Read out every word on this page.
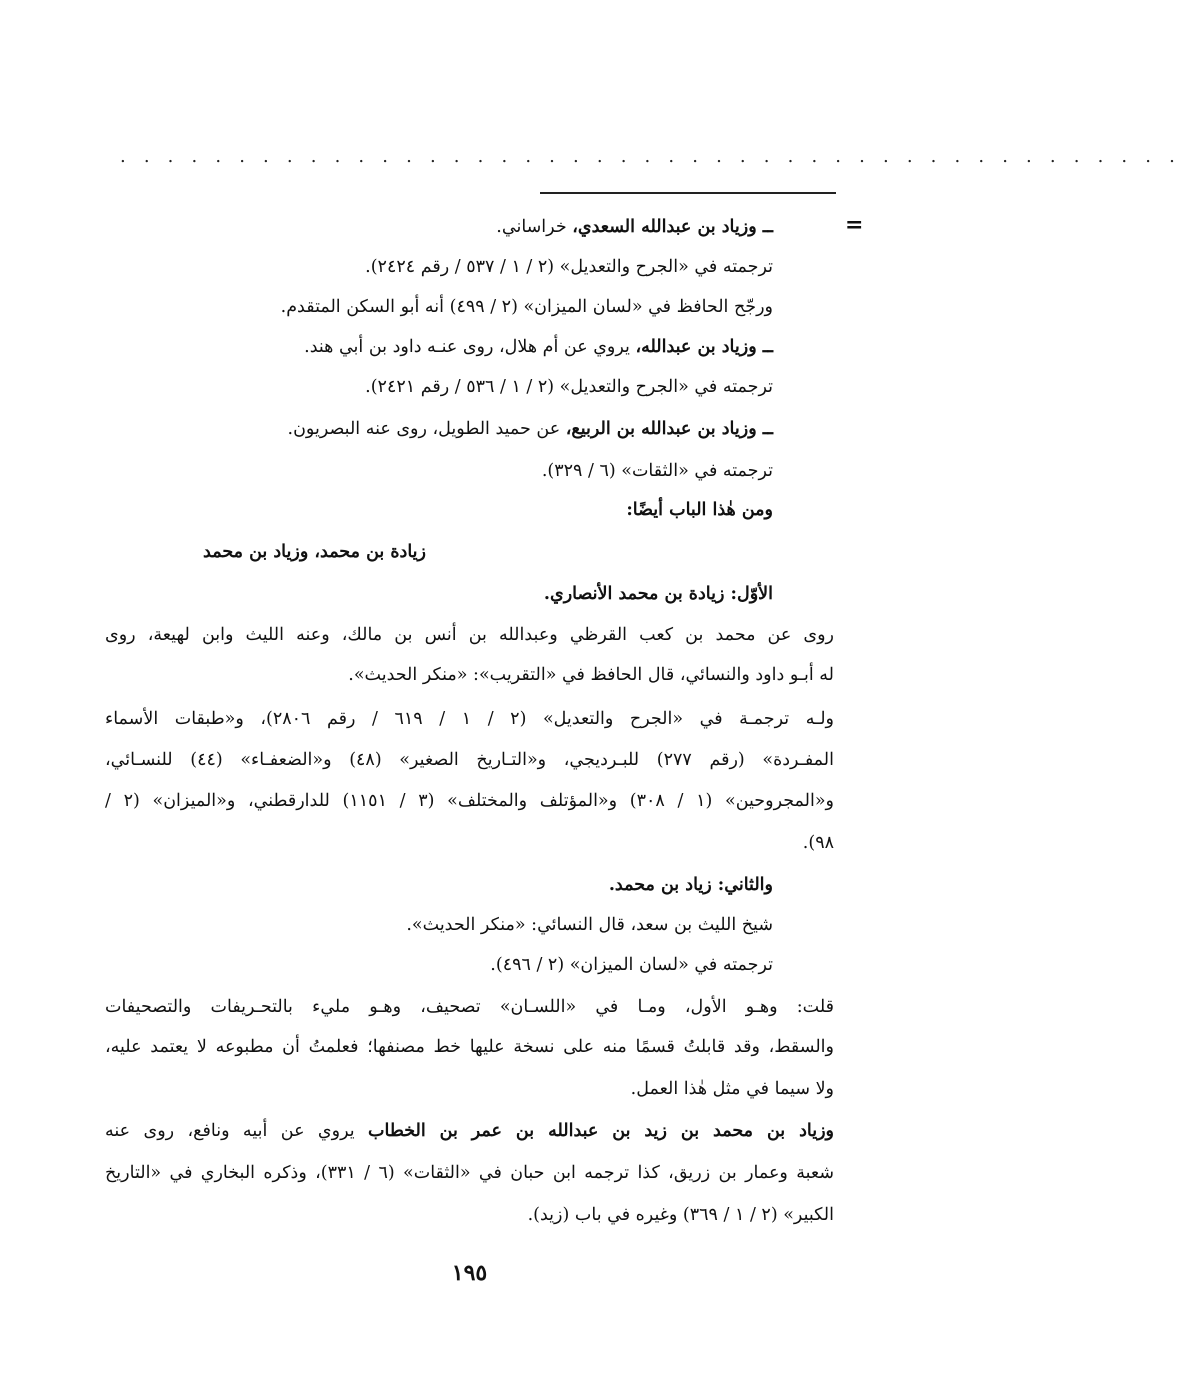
. . . . . . . . . . . . . . . . . . . . . . . . . . . . . . . . . . . . . . . . . . . . .
=
ــ وزياد بن عبدالله السعدي، خراساني.
ترجمته في «الجرح والتعديل» (٢ / ١ / ٥٣٧ / رقم ٢٤٢٤).
ورجّح الحافظ في «لسان الميزان» (٢ / ٤٩٩) أنه أبو السكن المتقدم.
ــ وزياد بن عبدالله، يروي عن أم هلال، روى عنـه داود بن أبي هند.
ترجمته في «الجرح والتعديل» (٢ / ١ / ٥٣٦ / رقم ٢٤٢١).
ــ وزياد بن عبدالله بن الربيع، عن حميد الطويل، روى عنه البصريون.
ترجمته في «الثقات» (٦ / ٣٢٩).
ومن هٰذا الباب أيضًا:
زيادة بن محمد، وزياد بن محمد
الأوّل: زيادة بن محمد الأنصاري.
روى عن محمد بن كعب القرظي وعبدالله بن أنس بن مالك، وعنه الليث وابن لهيعة، روى
له أبـو داود والنسائي، قال الحافظ في «التقريب»: «منكر الحديث».
ولـه ترجمـة في «الجرح والتعديل» (٢ / ١ / ٦١٩ / رقم ٢٨٠٦)، و«طبقات الأسماء
المفـردة» (رقم ٢٧٧) للبـرديجي، و«التـاريخ الصغير» (٤٨) و«الضعفـاء» (٤٤) للنسـائي،
و«المجروحين» (١ / ٣٠٨) و«المؤتلف والمختلف» (٣ / ١١٥١) للدارقطني، و«الميزان» (٢ /
٩٨).
والثاني: زياد بن محمد.
شيخ الليث بن سعد، قال النسائي: «منكر الحديث».
ترجمته في «لسان الميزان» (٢ / ٤٩٦).
قلت: وهـو الأول، ومـا في «اللسـان» تصحيف، وهـو مليء بالتحـريفات والتصحيفات
والسقط، وقد قابلتُ قسمًا منه على نسخة عليها خط مصنفها؛ فعلمتُ أن مطبوعه لا يعتمد عليه،
ولا سيما في مثل هٰذا العمل.
وزياد بن محمد بن زيد بن عبدالله بن عمر بن الخطاب يروي عن أبيه ونافع، روى عنه
شعبة وعمار بن زريق، كذا ترجمه ابن حبان في «الثقات» (٦ / ٣٣١)، وذكره البخاري في «التاريخ
الكبير» (٢ / ١ / ٣٦٩) وغيره في باب (زيد).
١٩٥
